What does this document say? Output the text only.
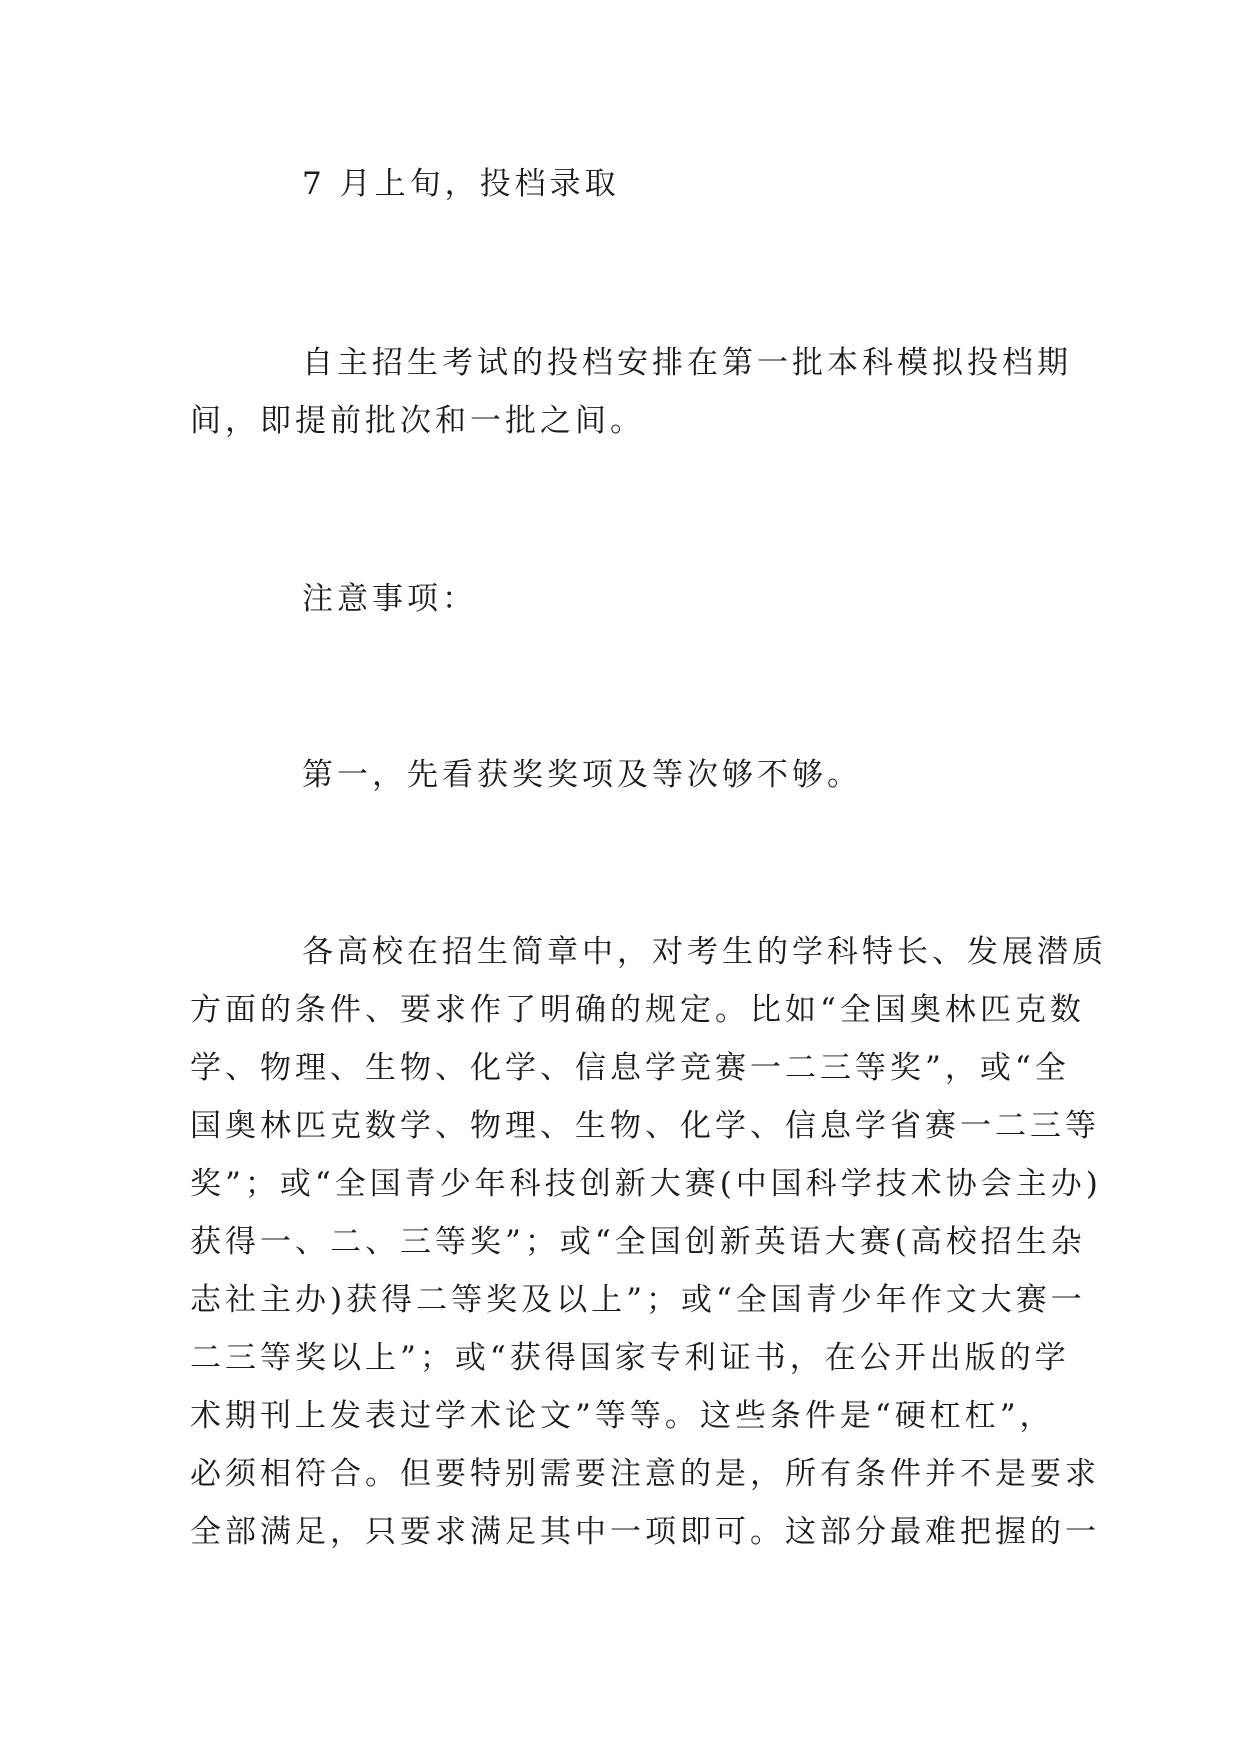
7 月上旬，投档录取
自主招生考试的投档安排在第一批本科模拟投档期
间，即提前批次和一批之间。
注意事项：
第一，先看获奖奖项及等次够不够。
各高校在招生简章中，对考生的学科特长、发展潜质
方面的条件、要求作了明确的规定。比如“全国奥林匹克数
学、物理、生物、化学、信息学竞赛一二三等奖”，或“全
国奥林匹克数学、物理、生物、化学、信息学省赛一二三等
奖”；或“全国青少年科技创新大赛(中国科学技术协会主办)
获得一、二、三等奖”；或“全国创新英语大赛(高校招生杂
志社主办)获得二等奖及以上”；或“全国青少年作文大赛一
二三等奖以上”；或“获得国家专利证书，在公开出版的学
术期刊上发表过学术论文”等等。这些条件是“硬杠杠”，
必须相符合。但要特别需要注意的是，所有条件并不是要求
全部满足，只要求满足其中一项即可。这部分最难把握的一
